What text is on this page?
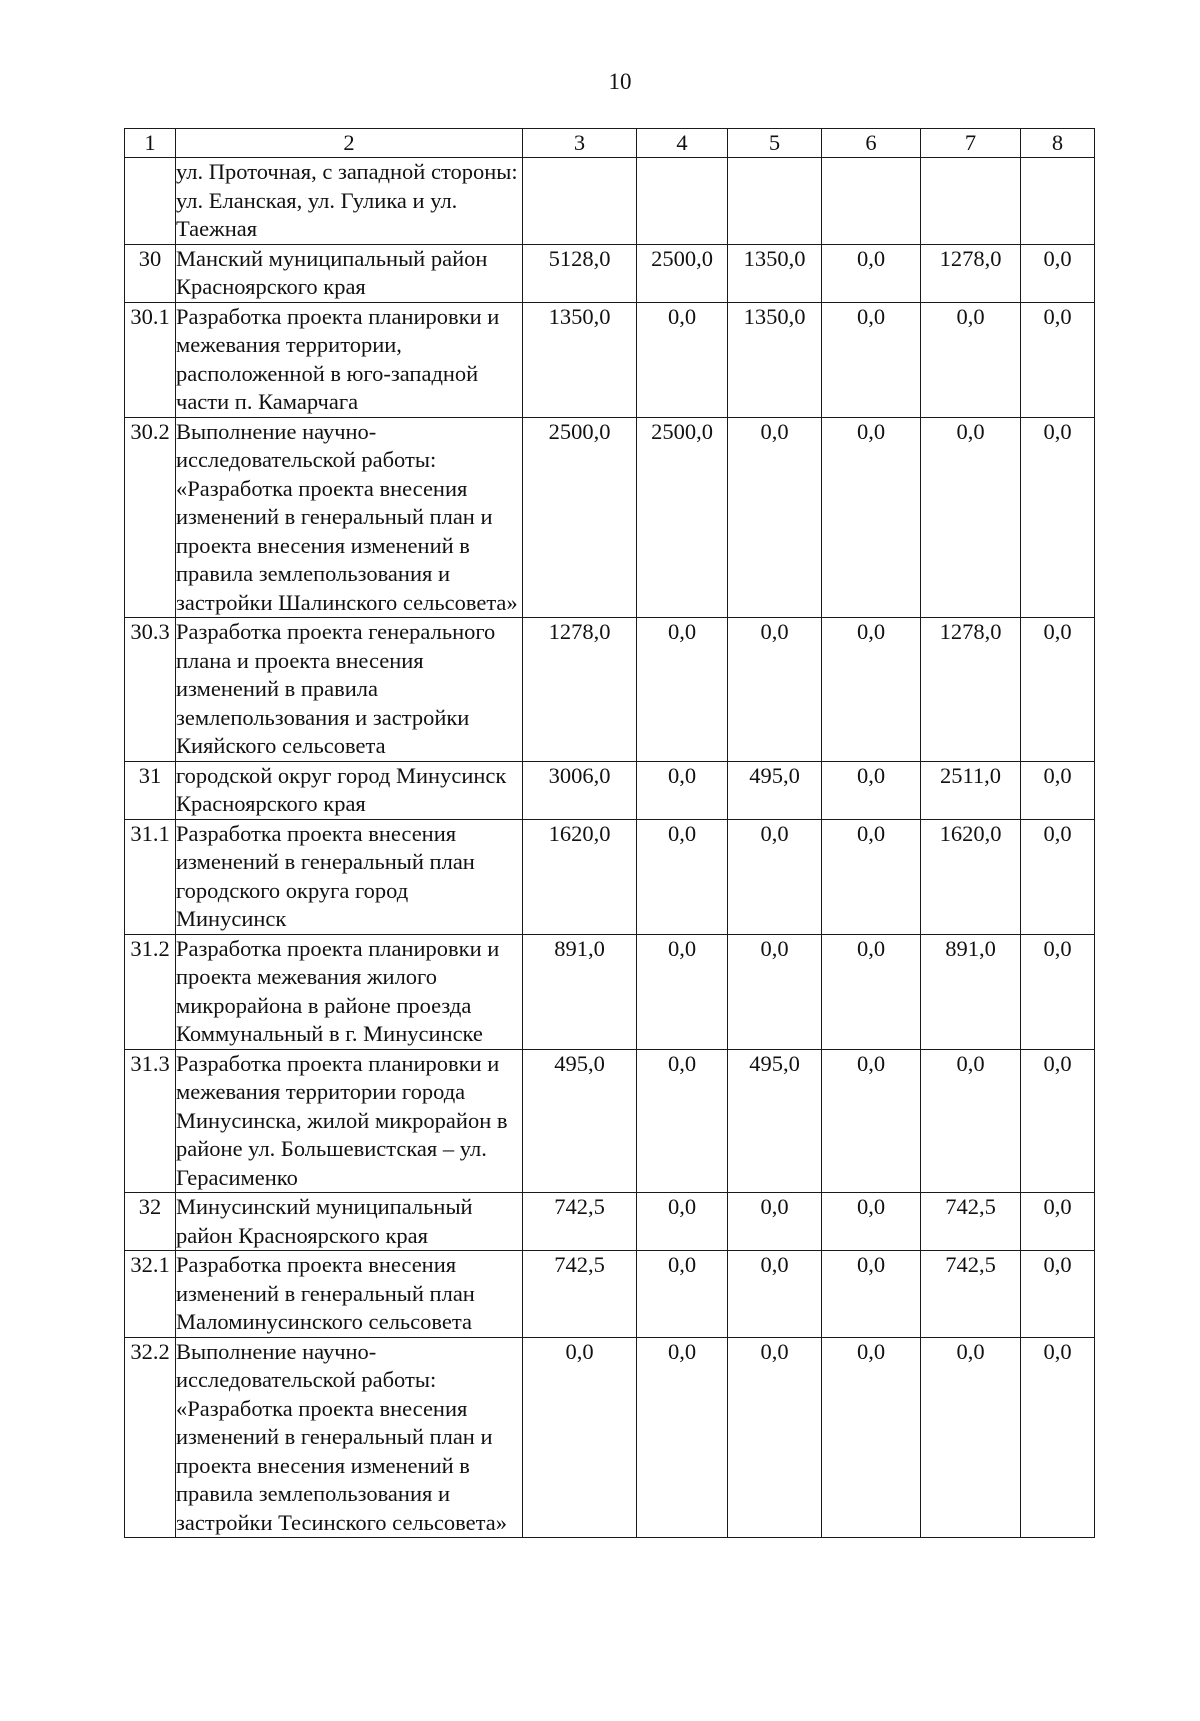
10
1	2	3	4	5	6	7	8
	ул. Проточная, с западной стороны: ул. Еланская, ул. Гулика и ул. Таежная						
30	Манский муниципальный район Красноярского края	5128,0	2500,0	1350,0	0,0	1278,0	0,0
30.1	Разработка проекта планировки и межевания территории, расположенной в юго-западной части п. Камарчага	1350,0	0,0	1350,0	0,0	0,0	0,0
30.2	Выполнение научно-исследовательской работы: «Разработка проекта внесения изменений в генеральный план и проекта внесения изменений в правила землепользования и застройки Шалинского сельсовета»	2500,0	2500,0	0,0	0,0	0,0	0,0
30.3	Разработка проекта генерального плана и проекта внесения изменений в правила землепользования и застройки Кияйского сельсовета	1278,0	0,0	0,0	0,0	1278,0	0,0
31	городской округ город Минусинск Красноярского края	3006,0	0,0	495,0	0,0	2511,0	0,0
31.1	Разработка проекта внесения изменений в генеральный план городского округа город Минусинск	1620,0	0,0	0,0	0,0	1620,0	0,0
31.2	Разработка проекта планировки и проекта межевания жилого микрорайона в районе проезда Коммунальный в г. Минусинске	891,0	0,0	0,0	0,0	891,0	0,0
31.3	Разработка проекта планировки и межевания территории города Минусинска, жилой микрорайон в районе ул. Большевистская – ул. Герасименко	495,0	0,0	495,0	0,0	0,0	0,0
32	Минусинский муниципальный район Красноярского края	742,5	0,0	0,0	0,0	742,5	0,0
32.1	Разработка проекта внесения изменений в генеральный план Маломинусинского сельсовета	742,5	0,0	0,0	0,0	742,5	0,0
32.2	Выполнение научно-исследовательской работы: «Разработка проекта внесения изменений в генеральный план и проекта внесения изменений в правила землепользования и застройки Тесинского сельсовета»	0,0	0,0	0,0	0,0	0,0	0,0
